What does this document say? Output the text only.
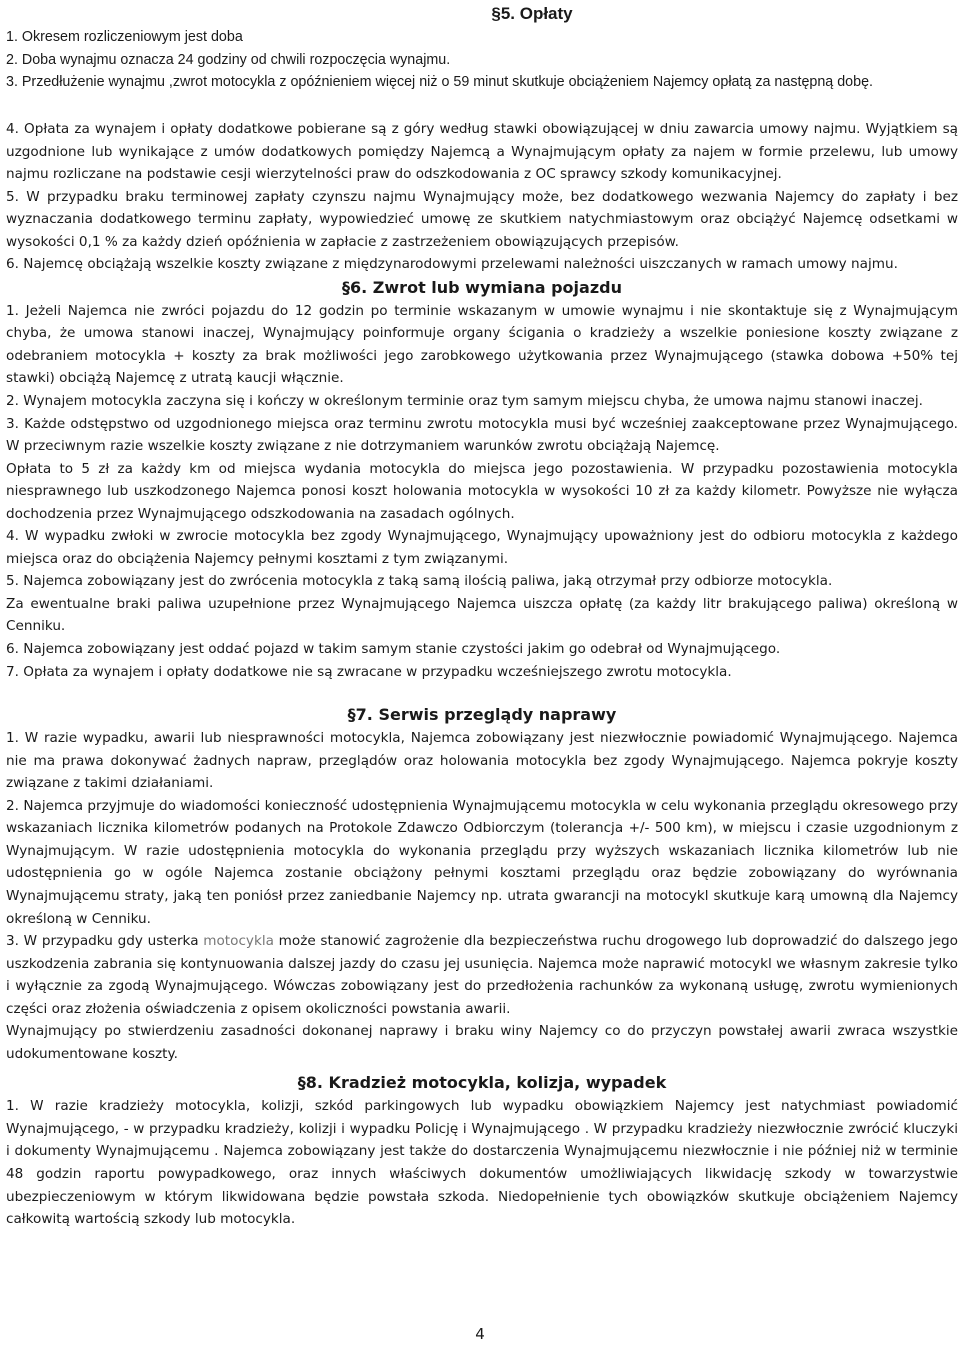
§5. Opłaty

1. Okresem rozliczeniowym jest doba

2. Doba wynajmu oznacza 24 godziny od chwili rozpoczęcia wynajmu.

3. Przedłużenie wynajmu ,zwrot motocykla z opóźnieniem więcej niż o 59 minut skutkuje obciążeniem Najemcy opłatą za następną dobę.

4. Opłata za wynajem i opłaty dodatkowe pobierane są z góry według stawki obowiązującej w dniu zawarcia umowy najmu. Wyjątkiem są uzgodnione lub wynikające z umów dodatkowych pomiędzy Najemcą a Wynajmującym opłaty za najem w formie przelewu, lub umowy najmu rozliczane na podstawie cesji wierzytelności praw do odszkodowania z OC sprawcy szkody komunikacyjnej.

5. W przypadku braku terminowej zapłaty czynszu najmu Wynajmujący może, bez dodatkowego wezwania Najemcy do zapłaty i bez wyznaczania dodatkowego terminu zapłaty, wypowiedzieć umowę ze skutkiem natychmiastowym oraz obciążyć Najemcę odsetkami w wysokości 0,1 % za każdy dzień opóźnienia w zapłacie z zastrzeżeniem obowiązujących przepisów.

6. Najemcę obciążają wszelkie koszty związane z międzynarodowymi przelewami należności uiszczanych w ramach umowy najmu.

§6. Zwrot lub wymiana pojazdu

1. Jeżeli Najemca nie zwróci pojazdu do 12 godzin po terminie wskazanym w umowie wynajmu i nie skontaktuje się z Wynajmującym chyba, że umowa stanowi inaczej, Wynajmujący poinformuje organy ścigania o kradzieży a wszelkie poniesione koszty związane z odebraniem motocykla + koszty za brak możliwości jego zarobkowego użytkowania przez Wynajmującego (stawka dobowa +50% tej stawki) obciążą Najemcę z utratą kaucji włącznie.

2. Wynajem motocykla zaczyna się i kończy w określonym terminie oraz tym samym miejscu chyba, że umowa najmu stanowi inaczej.

3. Każde odstępstwo od uzgodnionego miejsca oraz terminu zwrotu motocykla musi być wcześniej zaakceptowane przez Wynajmującego. W przeciwnym razie wszelkie koszty związane z nie dotrzymaniem warunków zwrotu obciążają Najemcę.

Opłata to 5 zł za każdy km od miejsca wydania motocykla do miejsca jego pozostawienia. W przypadku pozostawienia motocykla niesprawnego lub uszkodzonego Najemca ponosi koszt holowania motocykla w wysokości 10 zł za każdy kilometr. Powyższe nie wyłącza dochodzenia przez Wynajmującego odszkodowania na zasadach ogólnych.

4. W wypadku zwłoki w zwrocie motocykla bez zgody Wynajmującego, Wynajmujący upoważniony jest do odbioru motocykla z każdego miejsca oraz do obciążenia Najemcy pełnymi kosztami z tym związanymi.

5. Najemca zobowiązany jest do zwrócenia motocykla z taką samą ilością paliwa, jaką otrzymał przy odbiorze motocykla.

Za ewentualne braki paliwa uzupełnione przez Wynajmującego Najemca uiszcza opłatę (za każdy litr brakującego paliwa) określoną w Cenniku.

6. Najemca zobowiązany jest oddać pojazd w takim samym stanie czystości jakim go odebrał od Wynajmującego.

7. Opłata za wynajem i opłaty dodatkowe nie są zwracane w przypadku wcześniejszego zwrotu motocykla.

§7. Serwis przeglądy naprawy

1. W razie wypadku, awarii lub niesprawności motocykla, Najemca zobowiązany jest niezwłocznie powiadomić Wynajmującego. Najemca nie ma prawa dokonywać żadnych napraw, przeglądów oraz holowania motocykla bez zgody Wynajmującego. Najemca pokryje koszty związane z takimi działaniami.

2. Najemca przyjmuje do wiadomości konieczność udostępnienia Wynajmującemu motocykla w celu wykonania przeglądu okresowego przy wskazaniach licznika kilometrów podanych na Protokole Zdawczo Odbiorczym (tolerancja +/- 500 km), w miejscu i czasie uzgodnionym z Wynajmującym. W razie udostępnienia motocykla do wykonania przeglądu przy wyższych wskazaniach licznika kilometrów lub nie udostępnienia go w ogóle Najemca zostanie obciążony pełnymi kosztami przeglądu oraz będzie zobowiązany do wyrównania Wynajmującemu straty, jaką ten poniósł przez zaniedbanie Najemcy np. utrata gwarancji na motocykl skutkuje karą umowną dla Najemcy określoną w Cenniku.

3. W przypadku gdy usterka motocykla może stanowić zagrożenie dla bezpieczeństwa ruchu drogowego lub doprowadzić do dalszego jego uszkodzenia zabrania się kontynuowania dalszej jazdy do czasu jej usunięcia. Najemca może naprawić motocykl we własnym zakresie tylko i wyłącznie za zgodą Wynajmującego. Wówczas zobowiązany jest do przedłożenia rachunków za wykonaną usługę, zwrotu wymienionych części oraz złożenia oświadczenia z opisem okoliczności powstania awarii.

Wynajmujący po stwierdzeniu zasadności dokonanej naprawy i braku winy Najemcy co do przyczyn powstałej awarii zwraca wszystkie udokumentowane koszty.

§8. Kradzież motocykla, kolizja, wypadek

1. W razie kradzieży motocykla, kolizji, szkód parkingowych lub wypadku obowiązkiem Najemcy jest natychmiast powiadomić Wynajmującego, - w przypadku kradzieży, kolizji i wypadku Policję i Wynajmującego . W przypadku kradzieży niezwłocznie zwrócić kluczyki i dokumenty Wynajmującemu . Najemca zobowiązany jest także do dostarczenia Wynajmującemu niezwłocznie i nie później niż w terminie 48 godzin raportu powypadkowego, oraz innych właściwych dokumentów umożliwiających likwidację szkody w towarzystwie ubezpieczeniowym w którym likwidowana będzie powstała szkoda. Niedopełnienie tych obowiązków skutkuje obciążeniem Najemcy całkowitą wartością szkody lub motocykla.

4
